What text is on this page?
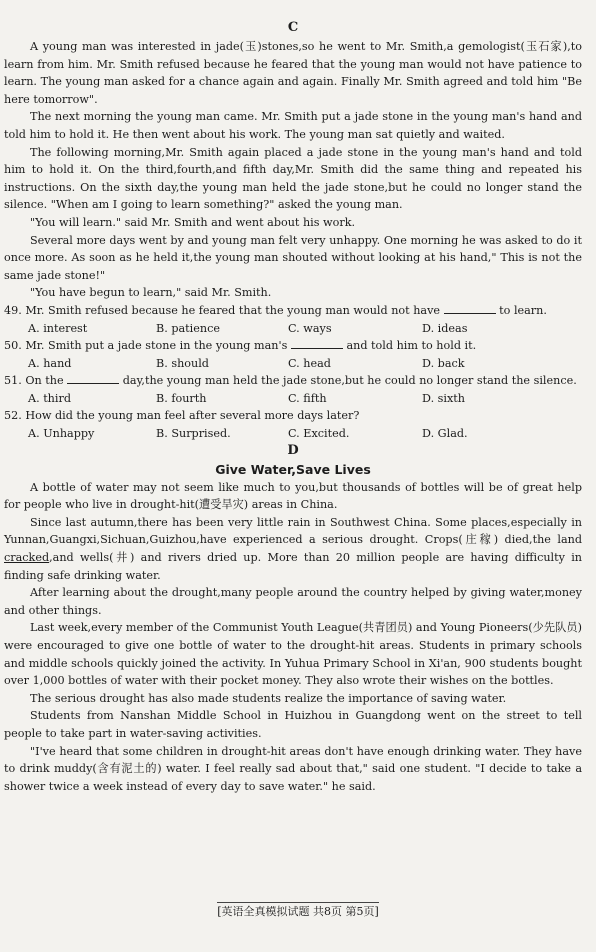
C

A young man was interested in jade(玉)stones,so he went to Mr. Smith,a gemologist(玉石家),to learn from him. Mr. Smith refused because he feared that the young man would not have patience to learn. The young man asked for a chance again and again. Finally Mr. Smith agreed and told him "Be here tomorrow".

The next morning the young man came. Mr. Smith put a jade stone in the young man's hand and told him to hold it. He then went about his work. The young man sat quietly and waited.

The following morning,Mr. Smith again placed a jade stone in the young man's hand and told him to hold it. On the third,fourth,and fifth day,Mr. Smith did the same thing and repeated his instructions. On the sixth day,the young man held the jade stone,but he could no longer stand the silence. "When am I going to learn something?" asked the young man.

"You will learn." said Mr. Smith and went about his work.

Several more days went by and young man felt very unhappy. One morning he was asked to do it once more. As soon as he held it,the young man shouted without looking at his hand," This is not the same jade stone!"

"You have begun to learn," said Mr. Smith.

49. Mr. Smith refused because he feared that the young man would not have	to learn.
A. interest	B. patience	C. ways	D. ideas
50. Mr. Smith put a jade stone in the young man's	and told him to hold it.
A. hand	B. should	C. head	D. back
51. On the	day,the young man held the jade stone,but he could no longer stand the silence.
A. third	B. fourth	C. fifth	D. sixth
52. How did the young man feel after several more days later?
A. Unhappy	B. Surprised.	C. Excited.	D. Glad.
D
Give Water,Save Lives

A bottle of water may not seem like much to you,but thousands of bottles will be of great help for people who live in drought-hit(遭受旱灾) areas in China.

Since last autumn,there has been very little rain in Southwest China. Some places,especially in Yunnan,Guangxi,Sichuan,Guizhou,have experienced a serious drought. Crops(庄稼) died,the land cracked,and wells(井) and rivers dried up. More than 20 million people are having difficulty in finding safe drinking water.

After learning about the drought,many people around the country helped by giving water,money and other things.

Last week,every member of the Communist Youth League(共青团员) and Young Pioneers(少先队员) were encouraged to give one bottle of water to the drought-hit areas. Students in primary schools and middle schools quickly joined the activity. In Yuhua Primary School in Xi'an, 900 students bought over 1,000 bottles of water with their pocket money. They also wrote their wishes on the bottles.

The serious drought has also made students realize the importance of saving water.

Students from Nanshan Middle School in Huizhou in Guangdong went on the street to tell people to take part in water-saving activities.

"I've heard that some children in drought-hit areas don't have enough drinking water. They have to drink muddy(含有泥土的) water. I feel really sad about that," said one student. "I decide to take a shower twice a week instead of every day to save water." he said.

[英语全真模拟试题 共8页 第5页]
